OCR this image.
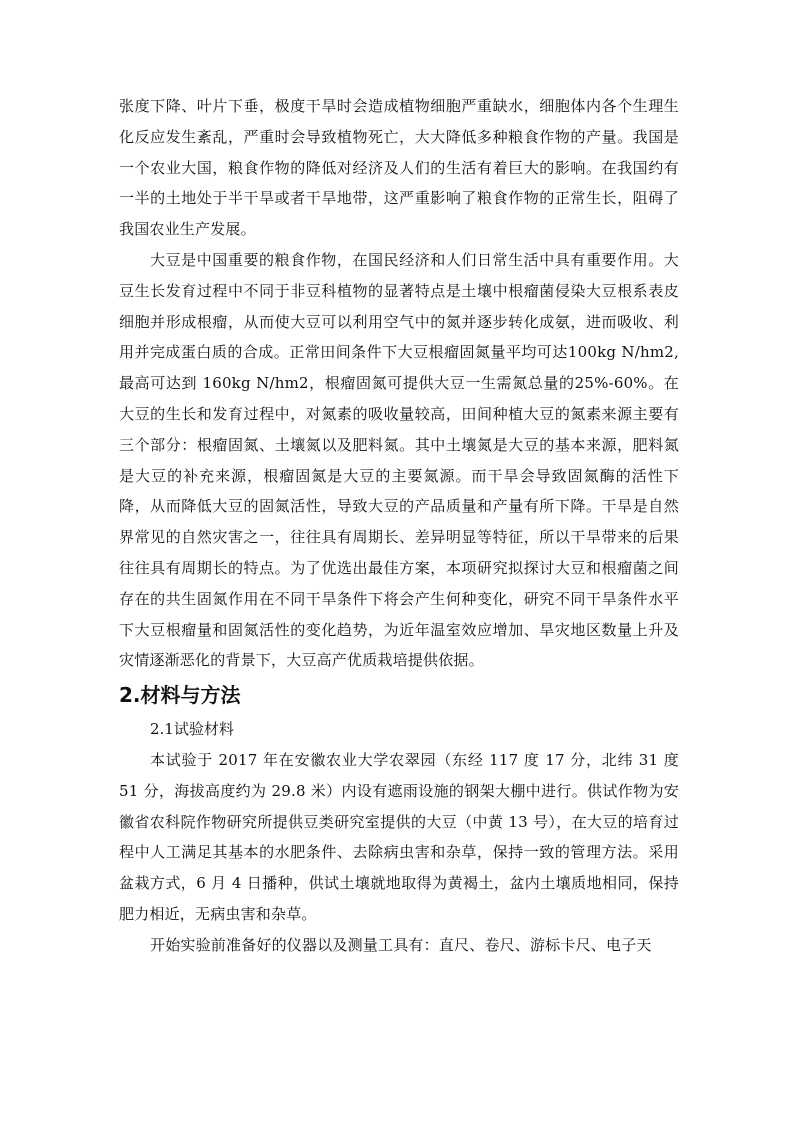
张度下降、叶片下垂，极度干旱时会造成植物细胞严重缺水，细胞体内各个生理生化反应发生紊乱，严重时会导致植物死亡，大大降低多种粮食作物的产量。我国是一个农业大国，粮食作物的降低对经济及人们的生活有着巨大的影响。在我国约有一半的土地处于半干旱或者干旱地带，这严重影响了粮食作物的正常生长，阻碍了我国农业生产发展。

大豆是中国重要的粮食作物，在国民经济和人们日常生活中具有重要作用。大豆生长发育过程中不同于非豆科植物的显著特点是土壤中根瘤菌侵染大豆根系表皮细胞并形成根瘤，从而使大豆可以利用空气中的氮并逐步转化成氨，进而吸收、利用并完成蛋白质的合成。正常田间条件下大豆根瘤固氮量平均可达100kg N/hm2,最高可达到 160kg N/hm2，根瘤固氮可提供大豆一生需氮总量的25%-60%。在大豆的生长和发育过程中，对氮素的吸收量较高，田间种植大豆的氮素来源主要有三个部分：根瘤固氮、土壤氮以及肥料氮。其中土壤氮是大豆的基本来源，肥料氮是大豆的补充来源，根瘤固氮是大豆的主要氮源。而干旱会导致固氮酶的活性下降，从而降低大豆的固氮活性，导致大豆的产品质量和产量有所下降。干旱是自然界常见的自然灾害之一，往往具有周期长、差异明显等特征，所以干旱带来的后果往往具有周期长的特点。为了优选出最佳方案，本项研究拟探讨大豆和根瘤菌之间存在的共生固氮作用在不同干旱条件下将会产生何种变化，研究不同干旱条件水平下大豆根瘤量和固氮活性的变化趋势，为近年温室效应增加、旱灾地区数量上升及灾情逐渐恶化的背景下，大豆高产优质栽培提供依据。

2.材料与方法

2.1试验材料

本试验于 2017 年在安徽农业大学农翠园（东经 117 度 17 分，北纬 31 度 51 分，海拔高度约为 29.8 米）内设有遮雨设施的钢架大棚中进行。供试作物为安徽省农科院作物研究所提供豆类研究室提供的大豆（中黄 13 号），在大豆的培育过程中人工满足其基本的水肥条件、去除病虫害和杂草，保持一致的管理方法。采用盆栽方式，6 月 4 日播种，供试土壤就地取得为黄褐土，盆内土壤质地相同，保持肥力相近，无病虫害和杂草。

开始实验前准备好的仪器以及测量工具有：直尺、卷尺、游标卡尺、电子天
